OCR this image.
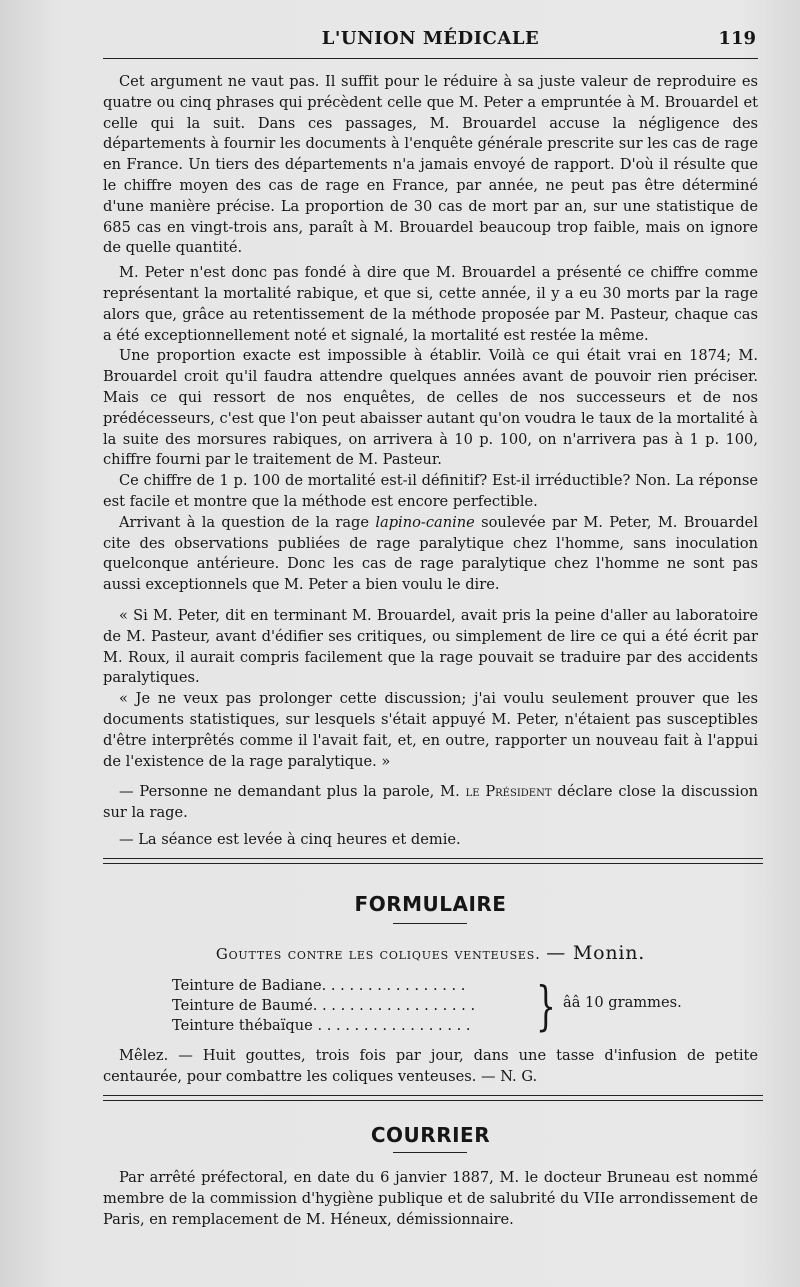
L'UNION MÉDICALE	119

Cet argument ne vaut pas. Il suffit pour le réduire à sa juste valeur de reproduire es quatre ou cinq phrases qui précèdent celle que M. Peter a empruntée à M. Brouardel et celle qui la suit. Dans ces passages, M. Brouardel accuse la négligence des départements à fournir les documents à l'enquête générale prescrite sur les cas de rage en France. Un tiers des départements n'a jamais envoyé de rapport. D'où il résulte que le chiffre moyen des cas de rage en France, par année, ne peut pas être déterminé d'une manière précise. La proportion de 30 cas de mort par an, sur une statistique de 685 cas en vingt-trois ans, paraît à M. Brouardel beaucoup trop faible, mais on ignore de quelle quantité.

M. Peter n'est donc pas fondé à dire que M. Brouardel a présenté ce chiffre comme représentant la mortalité rabique, et que si, cette année, il y a eu 30 morts par la rage alors que, grâce au retentissement de la méthode proposée par M. Pasteur, chaque cas a été exceptionnellement noté et signalé, la mortalité est restée la même.

Une proportion exacte est impossible à établir. Voilà ce qui était vrai en 1874; M. Brouardel croit qu'il faudra attendre quelques années avant de pouvoir rien préciser. Mais ce qui ressort de nos enquêtes, de celles de nos successeurs et de nos prédécesseurs, c'est que l'on peut abaisser autant qu'on voudra le taux de la mortalité à la suite des morsures rabiques, on arrivera à 10 p. 100, on n'arrivera pas à 1 p. 100, chiffre fourni par le traitement de M. Pasteur.

Ce chiffre de 1 p. 100 de mortalité est-il définitif? Est-il irréductible? Non. La réponse est facile et montre que la méthode est encore perfectible.

Arrivant à la question de la rage lapino-canine soulevée par M. Peter, M. Brouardel cite des observations publiées de rage paralytique chez l'homme, sans inoculation quelconque antérieure. Donc les cas de rage paralytique chez l'homme ne sont pas aussi exceptionnels que M. Peter a bien voulu le dire.

« Si M. Peter, dit en terminant M. Brouardel, avait pris la peine d'aller au laboratoire de M. Pasteur, avant d'édifier ses critiques, ou simplement de lire ce qui a été écrit par M. Roux, il aurait compris facilement que la rage pouvait se traduire par des accidents paralytiques.

« Je ne veux pas prolonger cette discussion; j'ai voulu seulement prouver que les documents statistiques, sur lesquels s'était appuyé M. Peter, n'étaient pas susceptibles d'être interprêtés comme il l'avait fait, et, en outre, rapporter un nouveau fait à l'appui de l'existence de la rage paralytique. »

— Personne ne demandant plus la parole, M. le Président déclare close la discussion sur la rage.

— La séance est levée à cinq heures et demie.

FORMULAIRE
Gouttes contre les coliques venteuses. — Monin.
Teinture de Badiane. . . . . . . . . . . . . . . .
Teinture de Baumé. . . . . . . . . . . . . . . . . .
Teinture thébaïque . . . . . . . . . . . . . . . . . } ââ 10 grammes.

Mêlez. — Huit gouttes, trois fois par jour, dans une tasse d'infusion de petite centaurée, pour combattre les coliques venteuses. — N. G.

COURRIER

Par arrêté préfectoral, en date du 6 janvier 1887, M. le docteur Bruneau est nommé membre de la commission d'hygiène publique et de salubrité du VIIe arrondissement de Paris, en remplacement de M. Héneux, démissionnaire.
